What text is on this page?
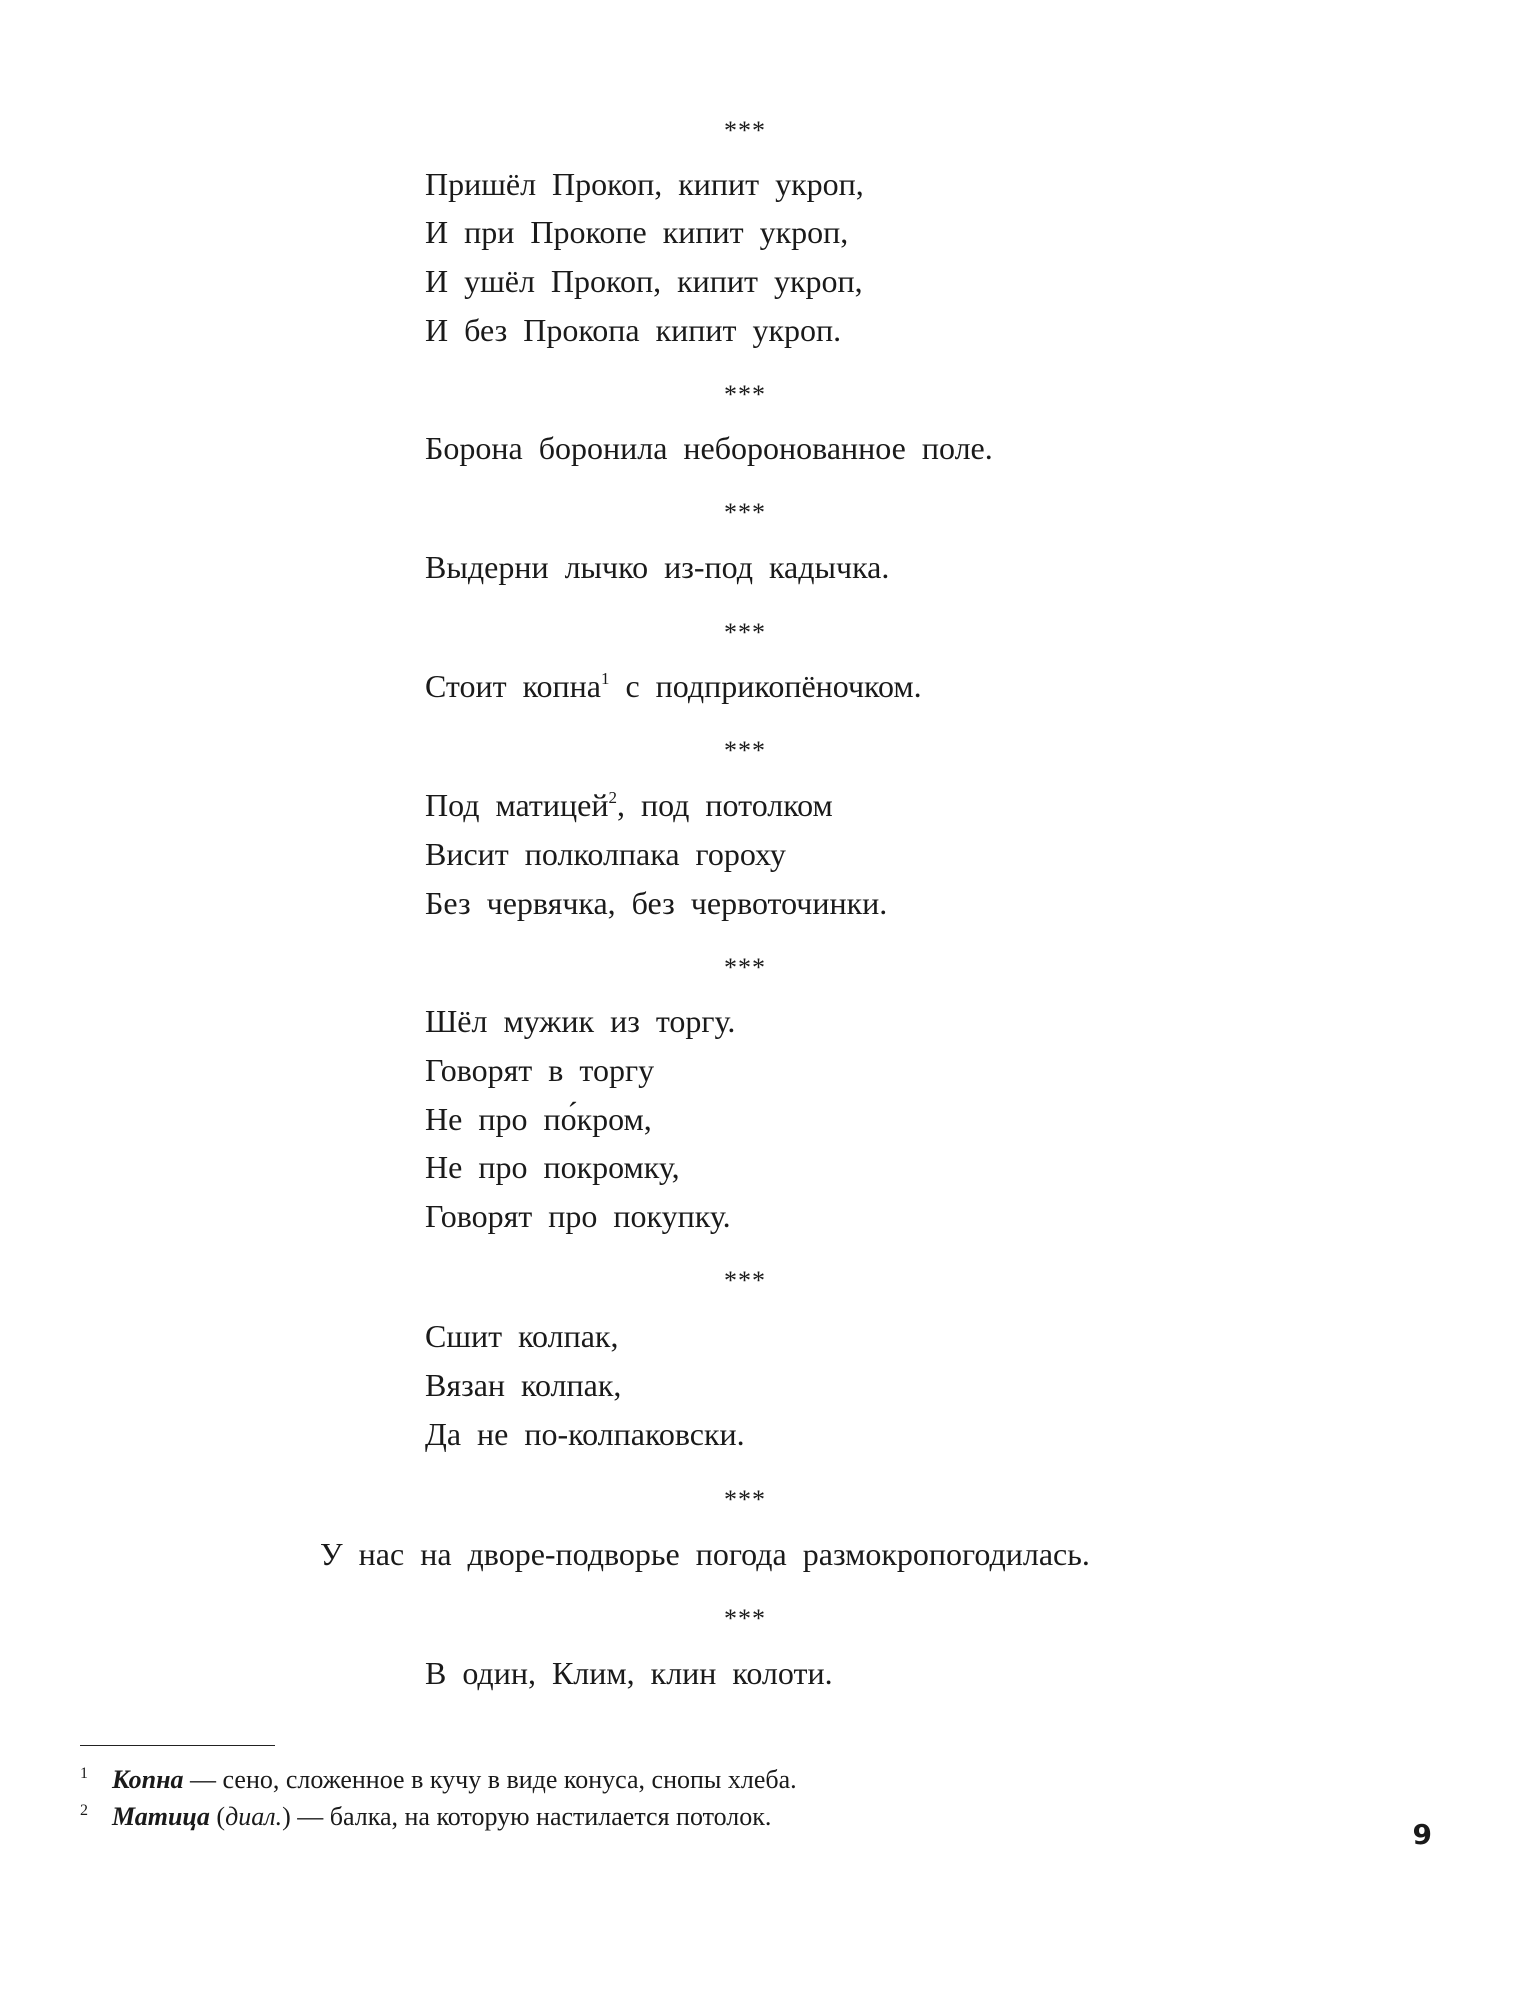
***
Пришёл Прокоп, кипит укроп,
И при Прокопе кипит укроп,
И ушёл Прокоп, кипит укроп,
И без Прокопа кипит укроп.
***
Борона боронила неборонованное поле.
***
Выдерни лычко из-под кадычка.
***
Стоит копна$^1$ с подприкопёночком.
***
Под матицей$^2$, под потолком
Висит полколпака гороху
Без червячка, без червоточинки.
***
Шёл мужик из торгу.
Говорят в торгу
Не про по́кром,
Не про покромку,
Говорят про покупку.
***
Сшит колпак,
Вязан колпак,
Да не по-колпаковски.
***
У нас на дворе-подворье погода размокропогодилась.
***
В один, Клим, клин колоти.
1 Копна — сено, сложенное в кучу в виде конуса, снопы хлеба.
2 Матица (диал.) — балка, на которую настилается потолок.
9
